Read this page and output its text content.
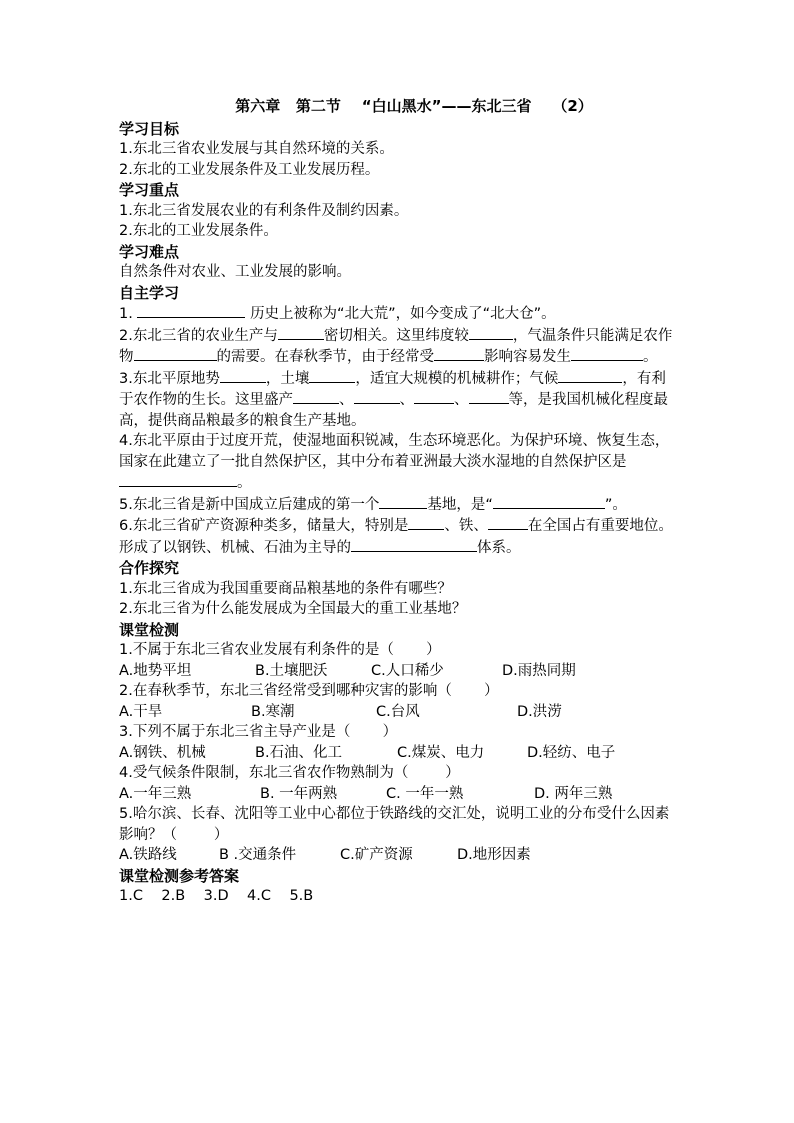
第六章   第二节    “白山黑水”——东北三省    （2）
学习目标
1.东北三省农业发展与其自然环境的关系。
2.东北的工业发展条件及工业发展历程。
学习重点
1.东北三省发展农业的有利条件及制约因素。
2.东北的工业发展条件。
学习难点
自然条件对农业、工业发展的影响。
自主学习
1.	历史上被称为“北大荒”，如今变成了“北大仓”。
2.东北三省的农业生产与	密切相关。这里纬度较	，气温条件只能满足农作物	的需要。在春秋季节，由于经常受	影响容易发生	。
3.东北平原地势	，土壤	，适宜大规模的机械耕作；气候	，有利于农作物的生长。这里盛产	、	、	、	等，是我国机械化程度最高，提供商品粮最多的粮食生产基地。
4.东北平原由于过度开荒，使湿地面积锐减，生态环境恶化。为保护环境、恢复生态，国家在此建立了一批自然保护区，其中分布着亚洲最大淡水湿地的自然保护区是。
5.东北三省是新中国成立后建成的第一个	基地，是“	”。
6.东北三省矿产资源种类多，储量大，特别是 、铁、	在全国占有重要地位。形成了以钢铁、机械、石油为主导的	体系。
合作探究
1.东北三省成为我国重要商品粮基地的条件有哪些？
2.东北三省为什么能发展成为全国最大的重工业基地？
课堂检测
1.不属于东北三省农业发展有利条件的是（       ）
A.地势平坦	B.土壤肥沃	C.人口稀少	D.雨热同期
2.在春秋季节，东北三省经常受到哪种灾害的影响（       ）
A.干旱	B.寒潮	C.台风	D.洪涝
3.下列不属于东北三省主导产业是（       ）
A.钢铁、机械	B.石油、化工	C.煤炭、电力	D.轻纺、电子
4.受气候条件限制，东北三省农作物熟制为（        ）
A.一年三熟	B. 一年两熟	C. 一年一熟	D. 两年三熟
5.哈尔滨、长春、沈阳等工业中心都位于铁路线的交汇处，说明工业的分布受什么因素影响？（        ）
A.铁路线	B .交通条件	C.矿产资源	D.地形因素
课堂检测参考答案
1.C    2.B    3.D    4.C    5.B
